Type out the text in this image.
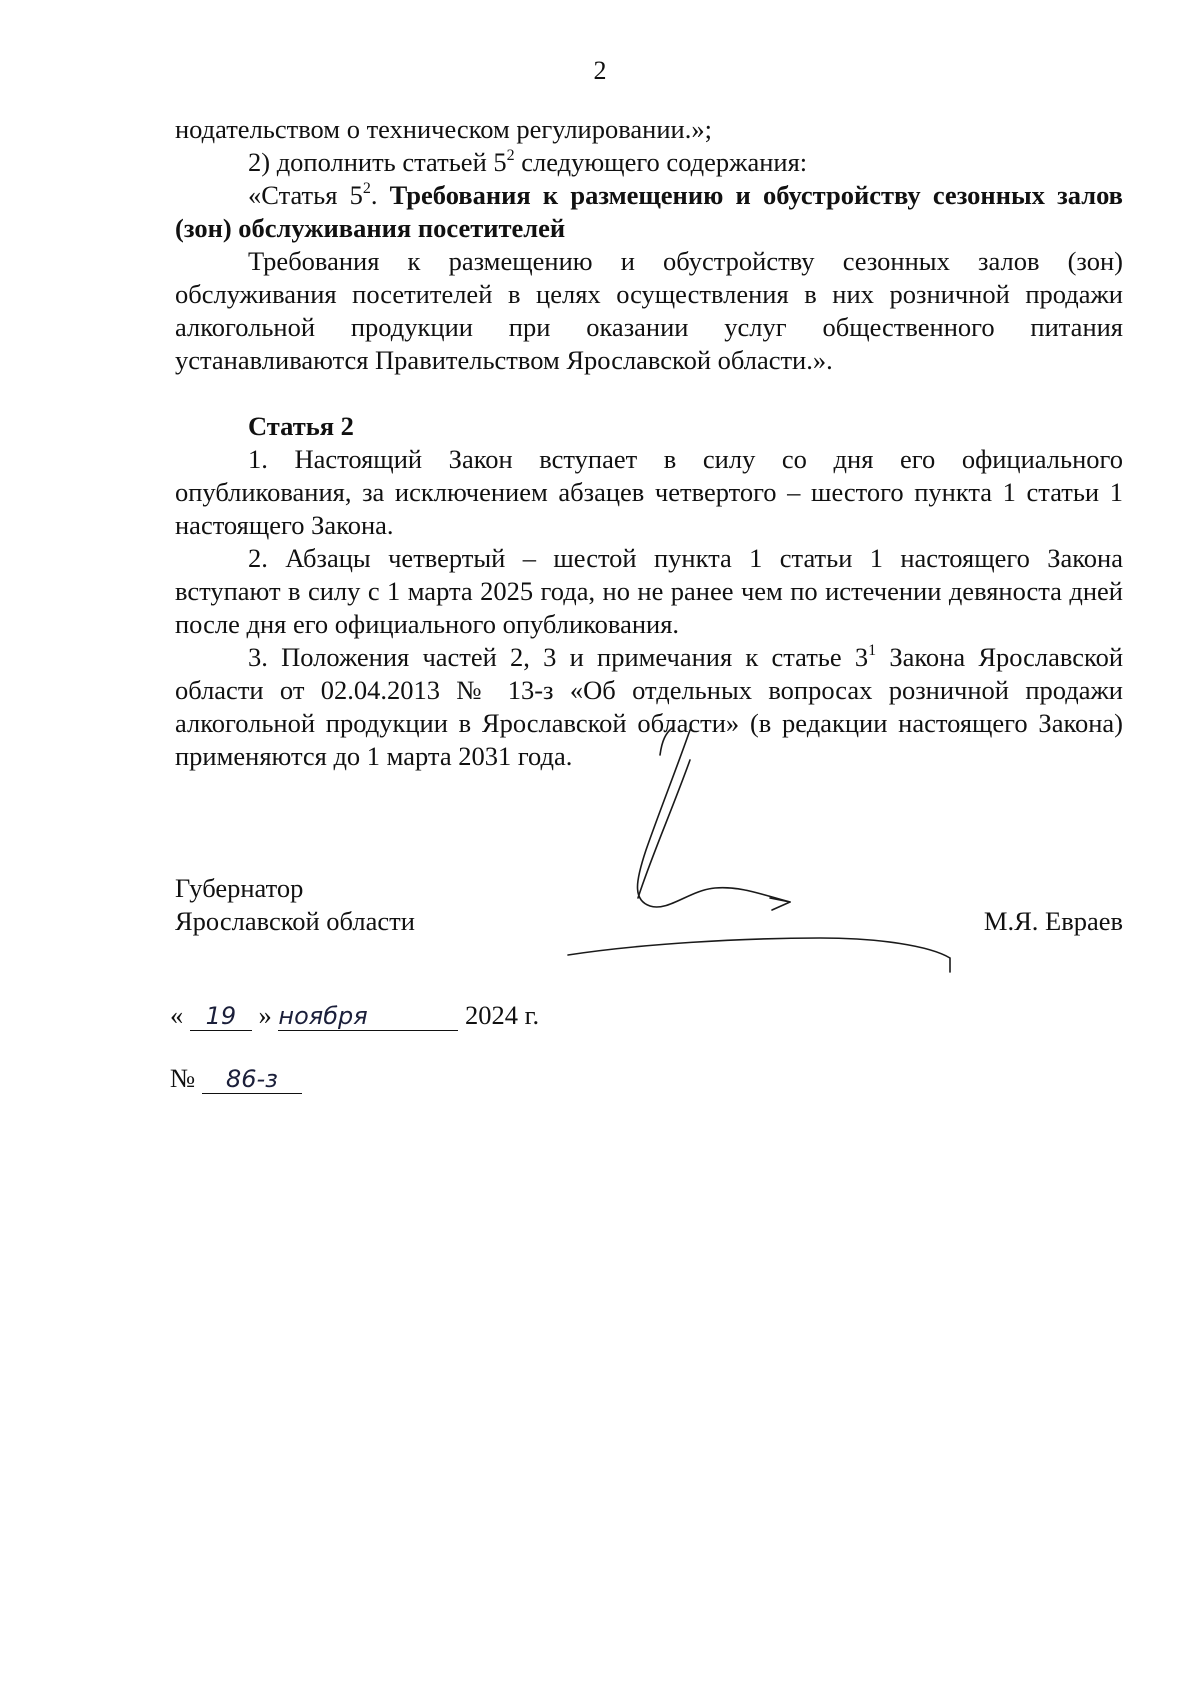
2

нодательством о техническом регулировании.»;

2) дополнить статьей $5^2$ следующего содержания:

«Статья $5^2$. Требования к размещению и обустройству сезонных залов (зон) обслуживания посетителей

Требования к размещению и обустройству сезонных залов (зон) обслуживания посетителей в целях осуществления в них розничной продажи алкогольной продукции при оказании услуг общественного питания устанавливаются Правительством Ярославской области.».

Статья 2

1. Настоящий Закон вступает в силу со дня его официального опубликования, за исключением абзацев четвертого – шестого пункта 1 статьи 1 настоящего Закона.

2. Абзацы четвертый – шестой пункта 1 статьи 1 настоящего Закона вступают в силу с 1 марта 2025 года, но не ранее чем по истечении девяноста дней после дня его официального опубликования.

3. Положения частей 2, 3 и примечания к статье $3^1$ Закона Ярославской области от 02.04.2013 № 13-з «Об отдельных вопросах розничной продажи алкогольной продукции в Ярославской области» (в редакции настоящего Закона) применяются до 1 марта 2031 года.

Губернатор
Ярославской области	М.Я. Евраев
« 19 » ноября	2024 г.
№ 86-з
